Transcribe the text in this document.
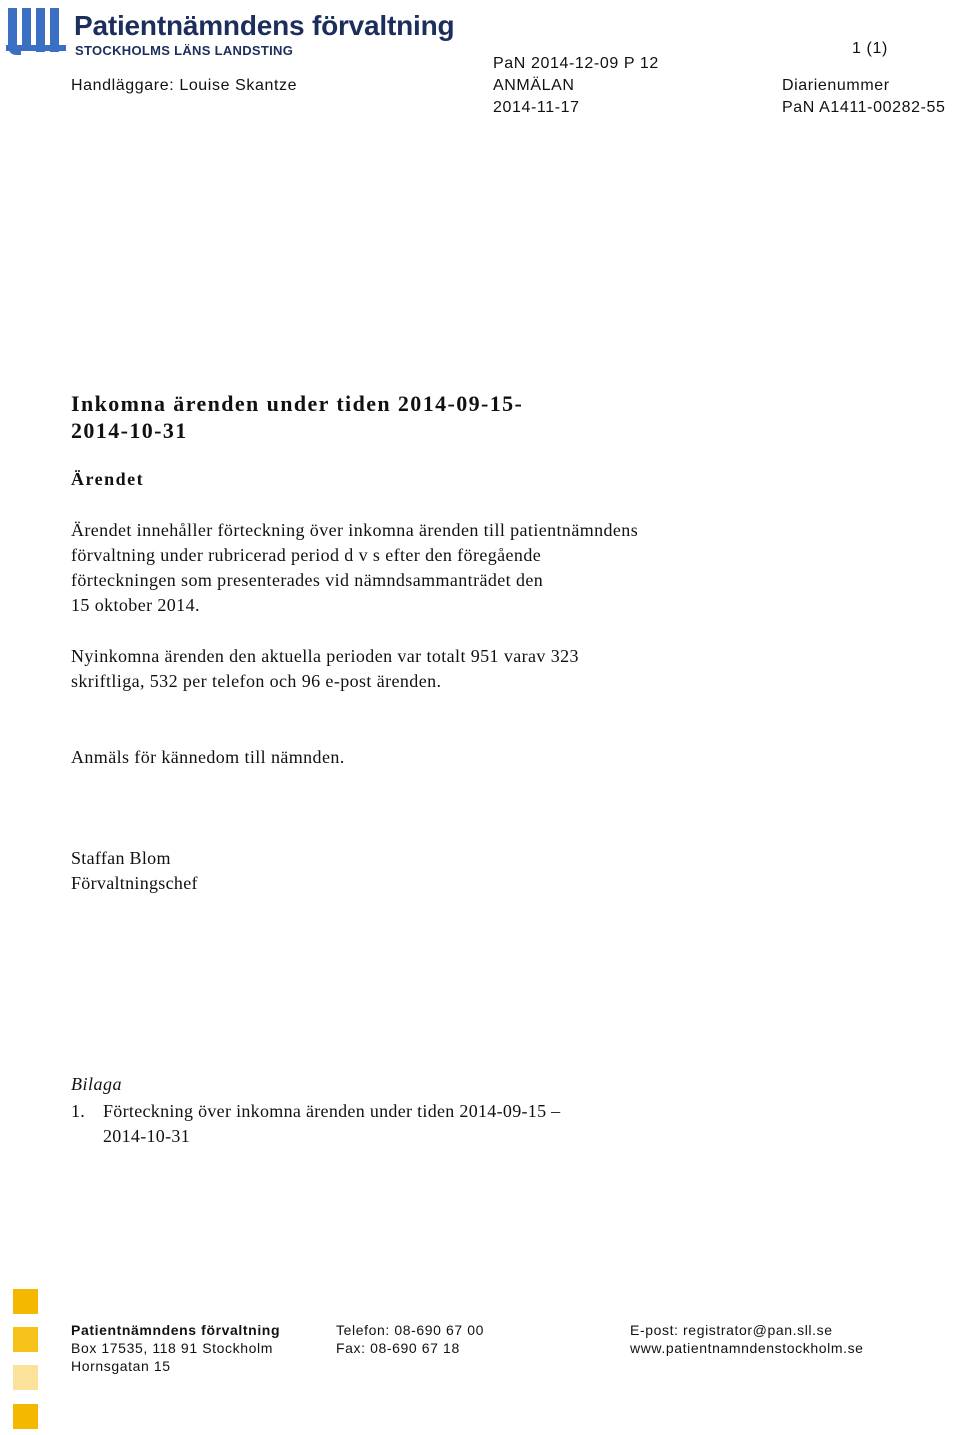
Patientnämndens förvaltning
STOCKHOLMS LÄNS LANDSTING	1 (1)
Handläggare: Louise Skantze
PaN 2014-12-09 P 12
ANMÄLAN
2014-11-17
Diarienummer
PaN A1411-00282-55
Inkomna ärenden under tiden 2014-09-15-
2014-10-31
Ärendet
Ärendet innehåller förteckning över inkomna ärenden till patientnämndens
förvaltning under rubricerad period d v s efter den föregående
förteckningen som presenterades vid nämndsammanträdet den
15 oktober 2014.
Nyinkomna ärenden den aktuella perioden var totalt 951 varav 323
skriftliga, 532 per telefon och 96 e-post ärenden.
Anmäls för kännedom till nämnden.
Staffan Blom
Förvaltningschef
Bilaga
1. Förteckning över inkomna ärenden under tiden 2014-09-15 –
2014-10-31
Patientnämndens förvaltning
Box 17535, 118 91 Stockholm
Hornsgatan 15
Telefon: 08-690 67 00
Fax: 08-690 67 18
E-post: registrator@pan.sll.se
www.patientnamndenstockholm.se
